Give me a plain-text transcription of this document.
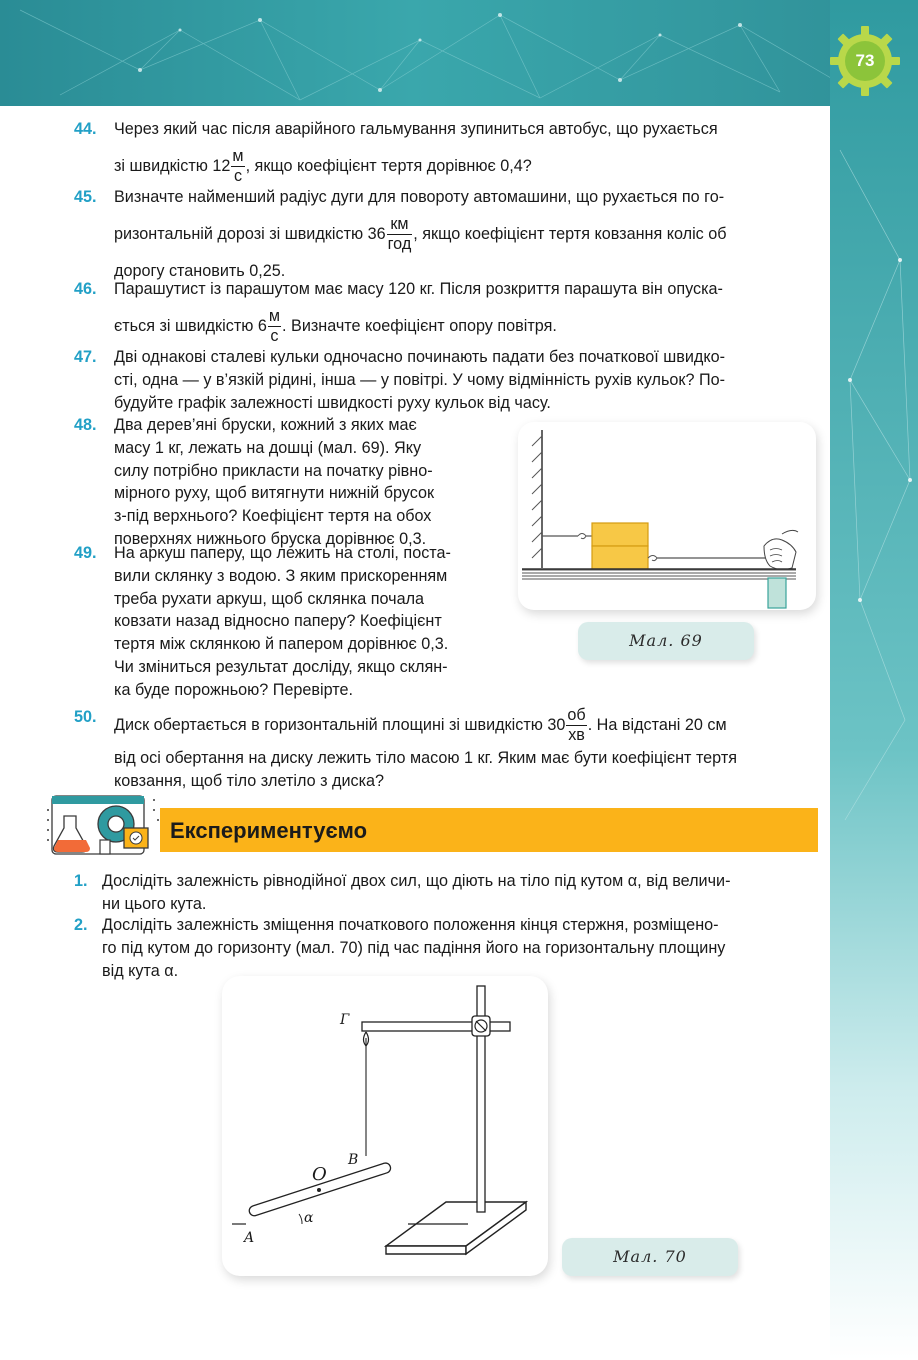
73
44.	Через який час після аварійного гальмування зупиниться автобус, що рухається
зі швидкістю $12 \frac{м}{с}$ , якщо коефіцієнт тертя дорівнює 0,4?
45.	Визначте найменший радіус дуги для повороту автомашини, що рухається по го-
ризонтальній дорозі зі швидкістю $36 \frac{км}{\text{год}}$ , якщо коефіцієнт тертя ковзання коліс об
дорогу становить 0,25.
46.	Парашутист із парашутом має масу 120 кг. Після розкриття парашута він опуска-
ється зі швидкістю $6 \frac{м}{с}$ . Визначте коефіцієнт опору повітря.
47.	Дві однакові сталеві кульки одночасно починають падати без початкової швидко-
сті, одна — у в’язкій рідині, інша — у повітрі. У чому відмінність рухів кульок? По-
будуйте графік залежності швидкості руху кульок від часу.
48.	Два дерев’яні бруски, кожний з яких має
масу 1 кг, лежать на дошці (мал. 69). Яку
силу потрібно прикласти на початку рівно-
мірного руху, щоб витягнути нижній брусок
з-під верхнього? Коефіцієнт тертя на обох
поверхнях нижнього бруска дорівнює 0,3.
49.	На аркуш паперу, що лежить на столі, поста-
вили склянку з водою. З яким прискоренням
треба рухати аркуш, щоб склянка почала
ковзати назад відносно паперу? Коефіцієнт
тертя між склянкою й папером дорівнює 0,3.
Чи зміниться результат досліду, якщо склян-
ка буде порожньою? Перевірте.
Мал. 69
50.	Диск обертається в горизонтальній площині зі швидкістю $30 \frac{об}{хв}$ . На відстані 20 см
від осі обертання на диску лежить тіло масою 1 кг. Яким має бути коефіцієнт тертя
ковзання, щоб тіло злетіло з диска?
Експериментуємо
1. Дослідіть залежність рівнодійної двох сил, що діють на тіло під кутом α, від величи-
ни цього кута.
2. Дослідіть залежність зміщення початкового положення кінця стержня, розміщено-
го під кутом до горизонту (мал. 70) під час падіння його на горизонтальну площину
від кута α.
Г
B
O
α
A
Мал. 70
